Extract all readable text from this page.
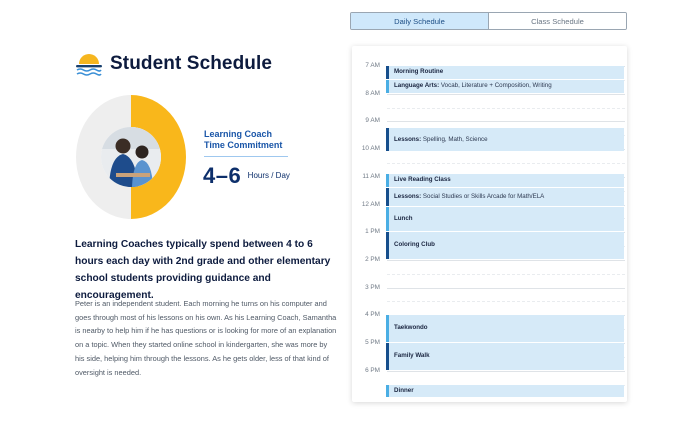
Student Schedule
Learning Coach Time Commitment
4–6 $^{Hours / Day}$

Learning Coaches typically spend between 4 to 6 hours each day with 2nd grade and other elementary school students providing guidance and encouragement.

Peter is an independent student. Each morning he turns on his computer and goes through most of his lessons on his own. As his Learning Coach, Samantha is nearby to help him if he has questions or is looking for more of an explanation on a topic. When they started online school in kindergarten, she was more by his side, helping him through the lessons. As he gets older, less of that kind of oversight is needed.

Daily Schedule	Class Schedule
7 AM
8 AM
9 AM
10 AM
11 AM
12 AM
1 PM
2 PM
3 PM
4 PM
5 PM
6 PM
Morning Routine
Language Arts: Vocab, Literature + Composition, Writing
Lessons: Spelling, Math, Science
Live Reading Class
Lessons: Social Studies or Skills Arcade for Math/ELA
Lunch
Coloring Club
Taekwondo
Family Walk
Dinner
